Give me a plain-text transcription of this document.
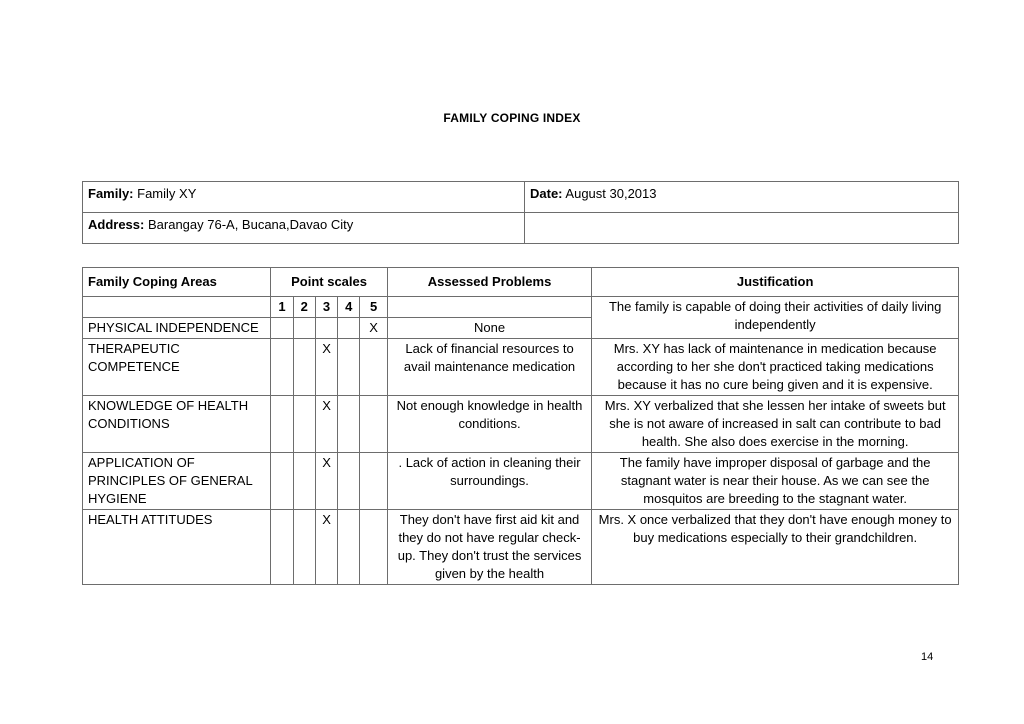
FAMILY COPING INDEX
Family: Family XY	Date: August 30,2013
Address: Barangay 76-A, Bucana,Davao City	
Family Coping Areas	Point scales					Assessed Problems	Justification
	1	2	3	4	5		The family is capable of doing their activities of daily living independently
PHYSICAL INDEPENDENCE					X	None	
THERAPEUTIC COMPETENCE			X			Lack of financial resources to avail maintenance medication	Mrs. XY has lack of maintenance in medication because according to her she don't practiced taking medications because it has no cure being given and it is expensive.
KNOWLEDGE OF HEALTH CONDITIONS			X			Not enough knowledge in health conditions.	Mrs. XY verbalized that she lessen her intake of sweets but she is not aware of increased in salt can contribute to bad health. She also does exercise in the morning.
APPLICATION OF PRINCIPLES OF GENERAL HYGIENE			X			. Lack of action in cleaning their surroundings.	The family have improper disposal of garbage and the stagnant water is near their house. As we can see the mosquitos are breeding to the stagnant water.
HEALTH ATTITUDES			X			They don't have first aid kit and they do not have regular check-up. They don't trust the services given by the health	Mrs. X once verbalized that they don't have enough money to buy medications especially to their grandchildren.
14
